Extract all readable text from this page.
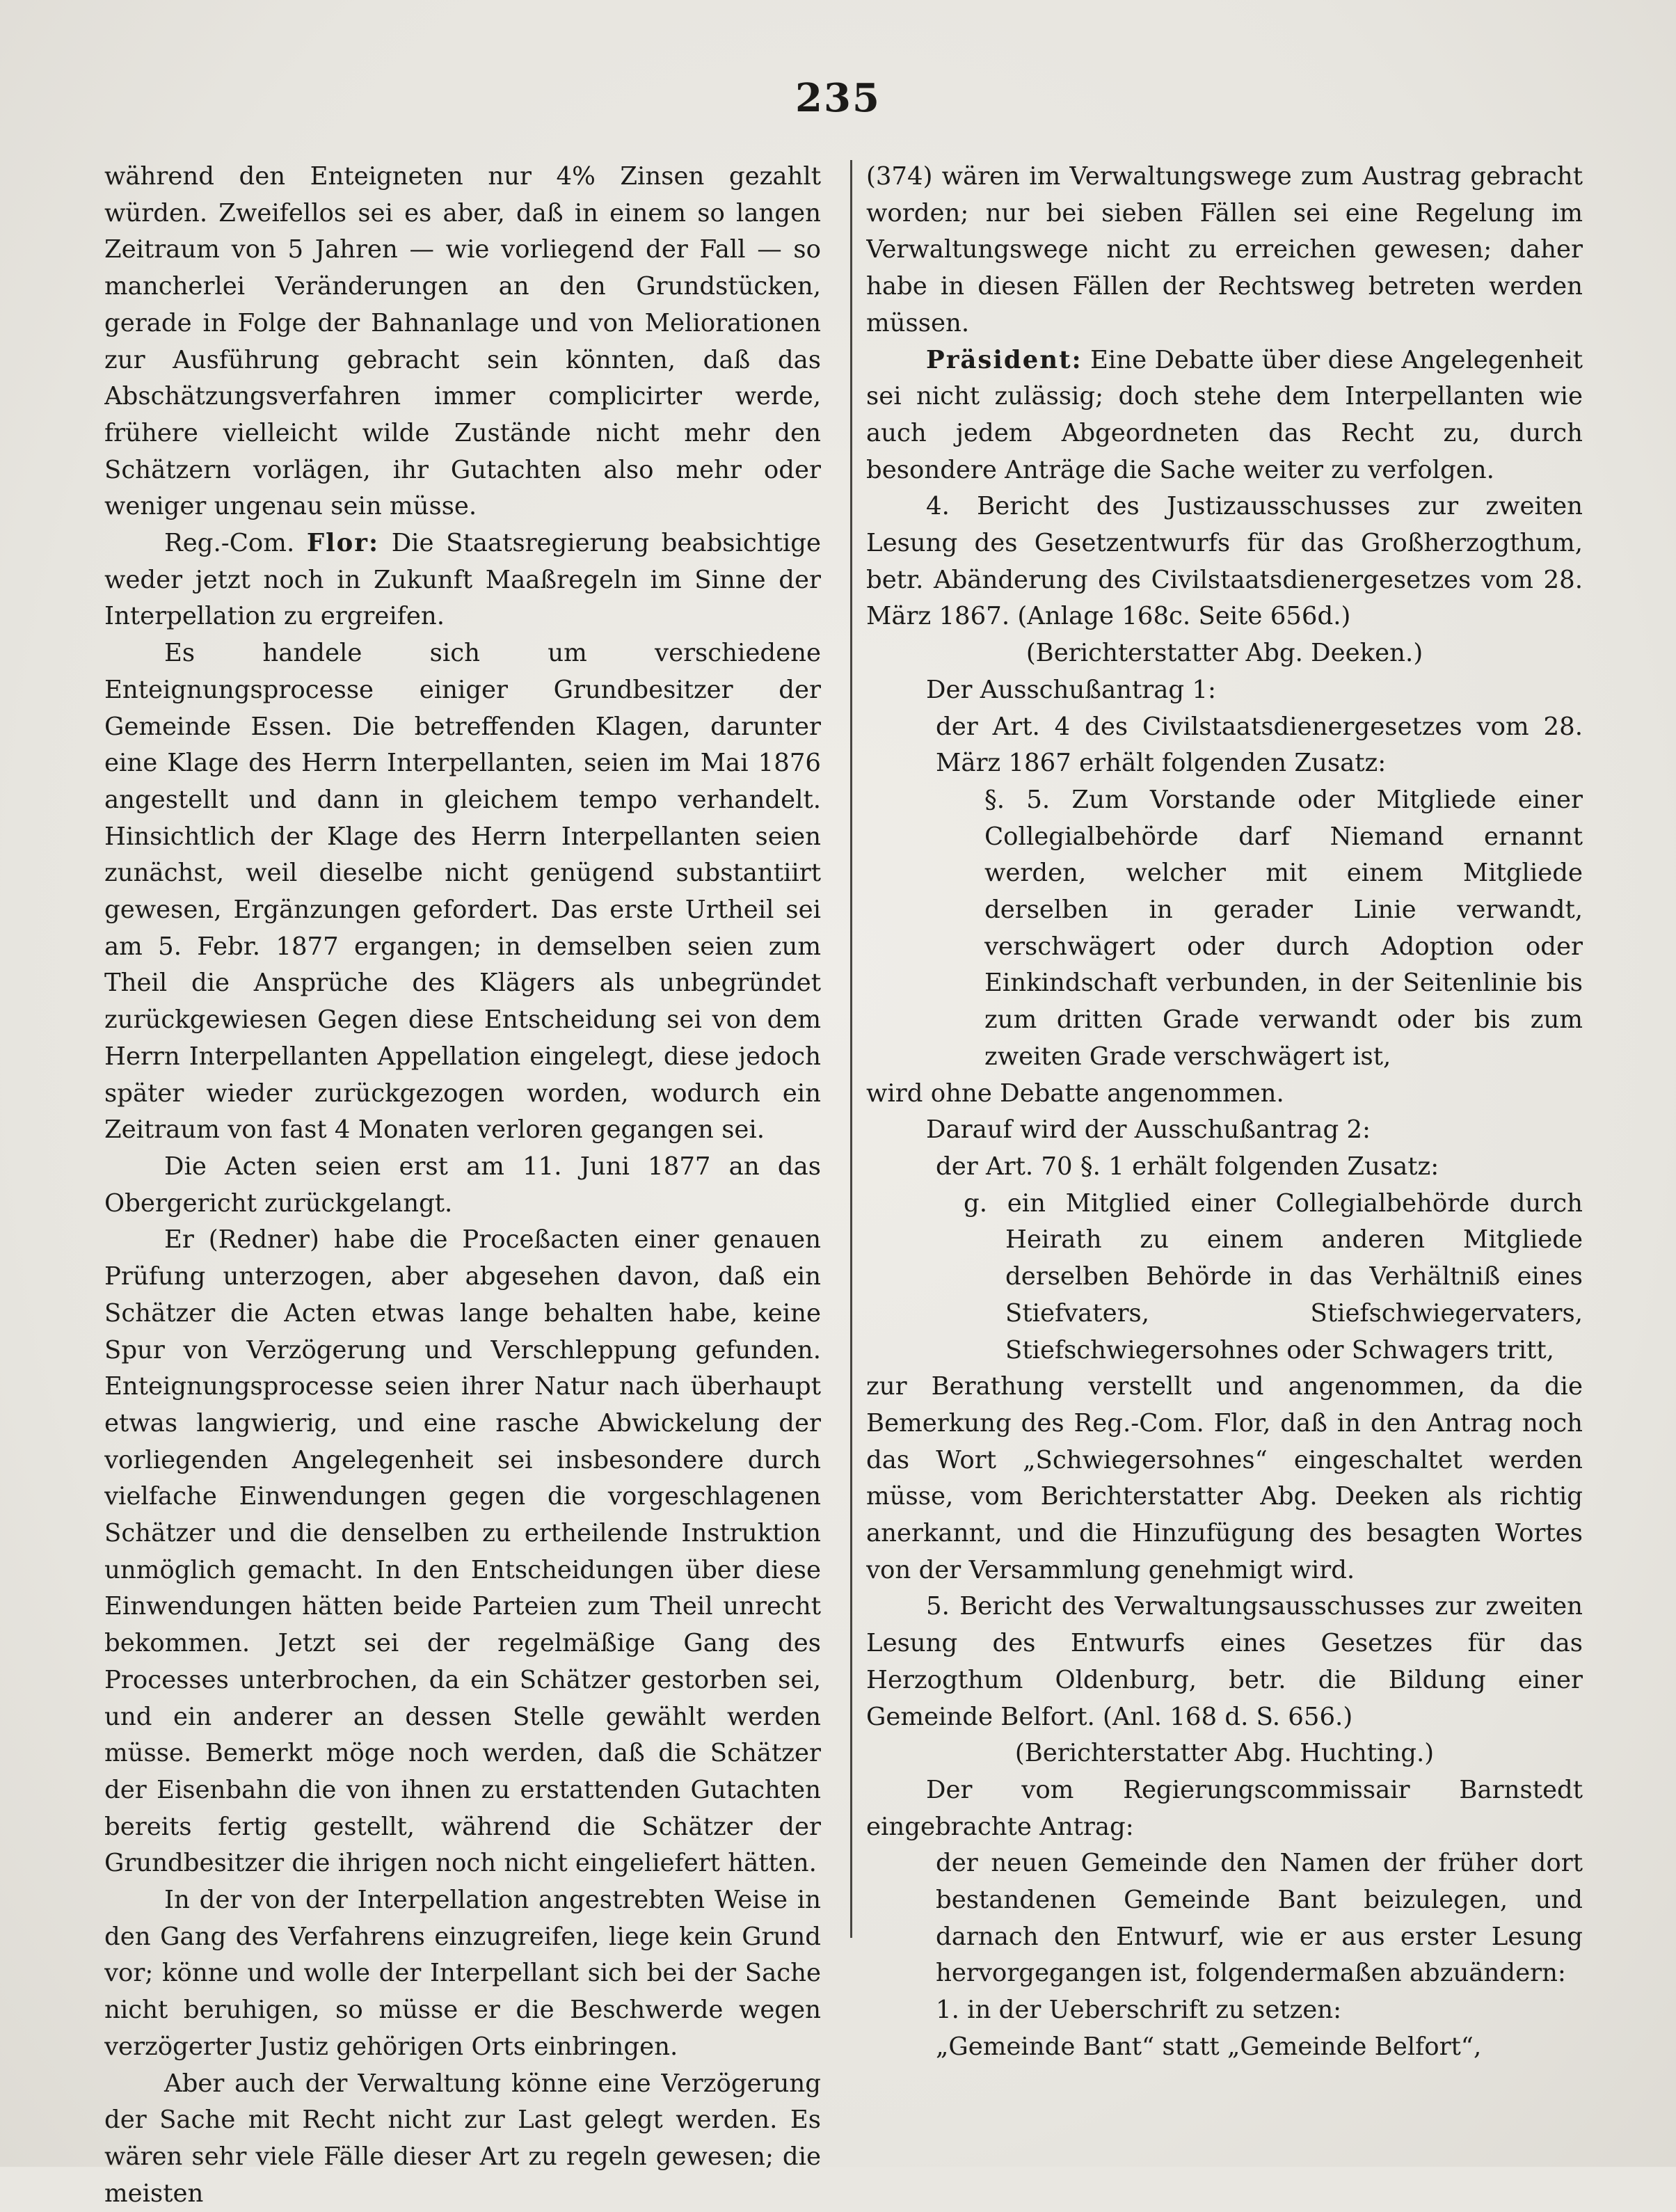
235

während den Enteigneten nur 4% Zinsen gezahlt würden. Zweifellos sei es aber, daß in einem so langen Zeitraum von 5 Jahren — wie vorliegend der Fall — so mancherlei Veränderungen an den Grundstücken, gerade in Folge der Bahnanlage und von Meliorationen zur Ausführung gebracht sein könnten, daß das Abschätzungsverfahren immer complicirter werde, frühere vielleicht wilde Zustände nicht mehr den Schätzern vorlägen, ihr Gutachten also mehr oder weniger ungenau sein müsse.

Reg.-Com. Flor: Die Staatsregierung beabsichtige weder jetzt noch in Zukunft Maaßregeln im Sinne der Interpellation zu ergreifen.

Es handele sich um verschiedene Enteignungsprocesse einiger Grundbesitzer der Gemeinde Essen. Die betreffenden Klagen, darunter eine Klage des Herrn Interpellanten, seien im Mai 1876 angestellt und dann in gleichem tempo verhandelt. Hinsichtlich der Klage des Herrn Interpellanten seien zunächst, weil dieselbe nicht genügend substantiirt gewesen, Ergänzungen gefordert. Das erste Urtheil sei am 5. Febr. 1877 ergangen; in demselben seien zum Theil die Ansprüche des Klägers als unbegründet zurückgewiesen Gegen diese Entscheidung sei von dem Herrn Interpellanten Appellation eingelegt, diese jedoch später wieder zurückgezogen worden, wodurch ein Zeitraum von fast 4 Monaten verloren gegangen sei.

Die Acten seien erst am 11. Juni 1877 an das Obergericht zurückgelangt.

Er (Redner) habe die Proceßacten einer genauen Prüfung unterzogen, aber abgesehen davon, daß ein Schätzer die Acten etwas lange behalten habe, keine Spur von Verzögerung und Verschleppung gefunden. Enteignungsprocesse seien ihrer Natur nach überhaupt etwas langwierig, und eine rasche Abwickelung der vorliegenden Angelegenheit sei insbesondere durch vielfache Einwendungen gegen die vorgeschlagenen Schätzer und die denselben zu ertheilende Instruktion unmöglich gemacht. In den Entscheidungen über diese Einwendungen hätten beide Parteien zum Theil unrecht bekommen. Jetzt sei der regelmäßige Gang des Processes unterbrochen, da ein Schätzer gestorben sei, und ein anderer an dessen Stelle gewählt werden müsse. Bemerkt möge noch werden, daß die Schätzer der Eisenbahn die von ihnen zu erstattenden Gutachten bereits fertig gestellt, während die Schätzer der Grundbesitzer die ihrigen noch nicht eingeliefert hätten.

In der von der Interpellation angestrebten Weise in den Gang des Verfahrens einzugreifen, liege kein Grund vor; könne und wolle der Interpellant sich bei der Sache nicht beruhigen, so müsse er die Beschwerde wegen verzögerter Justiz gehörigen Orts einbringen.

Aber auch der Verwaltung könne eine Verzögerung der Sache mit Recht nicht zur Last gelegt werden. Es wären sehr viele Fälle dieser Art zu regeln gewesen; die meisten

(374) wären im Verwaltungswege zum Austrag gebracht worden; nur bei sieben Fällen sei eine Regelung im Verwaltungswege nicht zu erreichen gewesen; daher habe in diesen Fällen der Rechtsweg betreten werden müssen.

Präsident: Eine Debatte über diese Angelegenheit sei nicht zulässig; doch stehe dem Interpellanten wie auch jedem Abgeordneten das Recht zu, durch besondere Anträge die Sache weiter zu verfolgen.

4. Bericht des Justizausschusses zur zweiten Lesung des Gesetzentwurfs für das Großherzogthum, betr. Abänderung des Civilstaatsdienergesetzes vom 28. März 1867. (Anlage 168c. Seite 656d.)

(Berichterstatter Abg. Deeken.)

Der Ausschußantrag 1:

der Art. 4 des Civilstaatsdienergesetzes vom 28. März 1867 erhält folgenden Zusatz:

§. 5. Zum Vorstande oder Mitgliede einer Collegialbehörde darf Niemand ernannt werden, welcher mit einem Mitgliede derselben in gerader Linie verwandt, verschwägert oder durch Adoption oder Einkindschaft verbunden, in der Seitenlinie bis zum dritten Grade verwandt oder bis zum zweiten Grade verschwägert ist,

wird ohne Debatte angenommen.

Darauf wird der Ausschußantrag 2:

der Art. 70 §. 1 erhält folgenden Zusatz:

g. ein Mitglied einer Collegialbehörde durch Heirath zu einem anderen Mitgliede derselben Behörde in das Verhältniß eines Stiefvaters, Stiefschwiegervaters, Stiefschwiegersohnes oder Schwagers tritt,

zur Berathung verstellt und angenommen, da die Bemerkung des Reg.-Com. Flor, daß in den Antrag noch das Wort „Schwiegersohnes“ eingeschaltet werden müsse, vom Berichterstatter Abg. Deeken als richtig anerkannt, und die Hinzufügung des besagten Wortes von der Versammlung genehmigt wird.

5. Bericht des Verwaltungsausschusses zur zweiten Lesung des Entwurfs eines Gesetzes für das Herzogthum Oldenburg, betr. die Bildung einer Gemeinde Belfort. (Anl. 168 d. S. 656.)

(Berichterstatter Abg. Huchting.)

Der vom Regierungscommissair Barnstedt eingebrachte Antrag:

der neuen Gemeinde den Namen der früher dort bestandenen Gemeinde Bant beizulegen, und darnach den Entwurf, wie er aus erster Lesung hervorgegangen ist, folgendermaßen abzuändern:

1. in der Ueberschrift zu setzen:

„Gemeinde Bant“ statt „Gemeinde Belfort“,
